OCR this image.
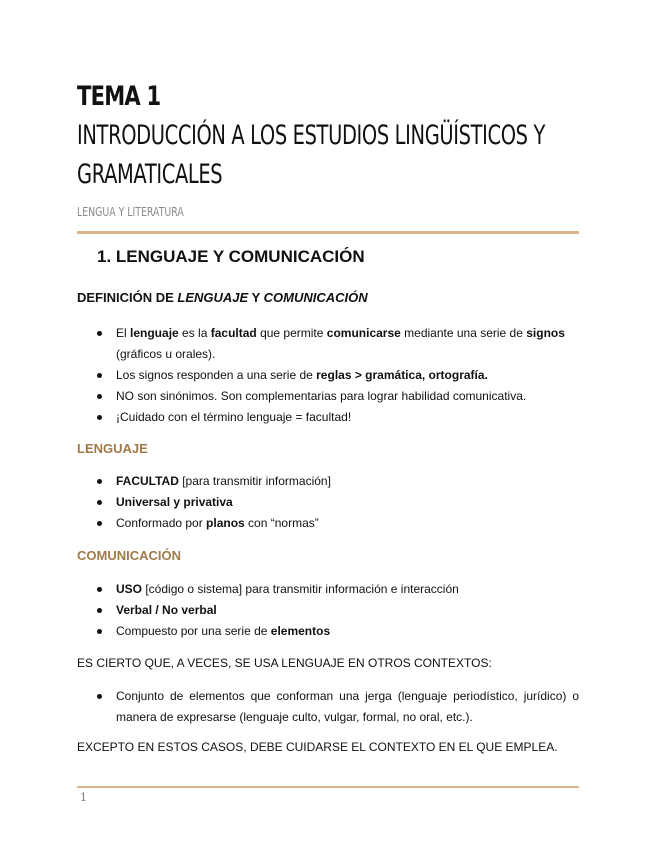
TEMA 1
INTRODUCCIÓN A LOS ESTUDIOS LINGÜÍSTICOS Y GRAMATICALES
LENGUA Y LITERATURA
1. LENGUAJE Y COMUNICACIÓN
DEFINICIÓN DE LENGUAJE Y COMUNICACIÓN
El lenguaje es la facultad que permite comunicarse mediante una serie de signos (gráficos u orales).
Los signos responden a una serie de reglas > gramática, ortografía.
NO son sinónimos. Son complementarias para lograr habilidad comunicativa.
¡Cuidado con el término lenguaje = facultad!
LENGUAJE
FACULTAD [para transmitir información]
Universal y privativa
Conformado por planos con “normas”
COMUNICACIÓN
USO [código o sistema] para transmitir información e interacción
Verbal / No verbal
Compuesto por una serie de elementos

ES CIERTO QUE, A VECES, SE USA LENGUAJE EN OTROS CONTEXTOS:

Conjunto de elementos que conforman una jerga (lenguaje periodístico, jurídico) o manera de expresarse (lenguaje culto, vulgar, formal, no oral, etc.).

EXCEPTO EN ESTOS CASOS, DEBE CUIDARSE EL CONTEXTO EN EL QUE EMPLEA.

1
